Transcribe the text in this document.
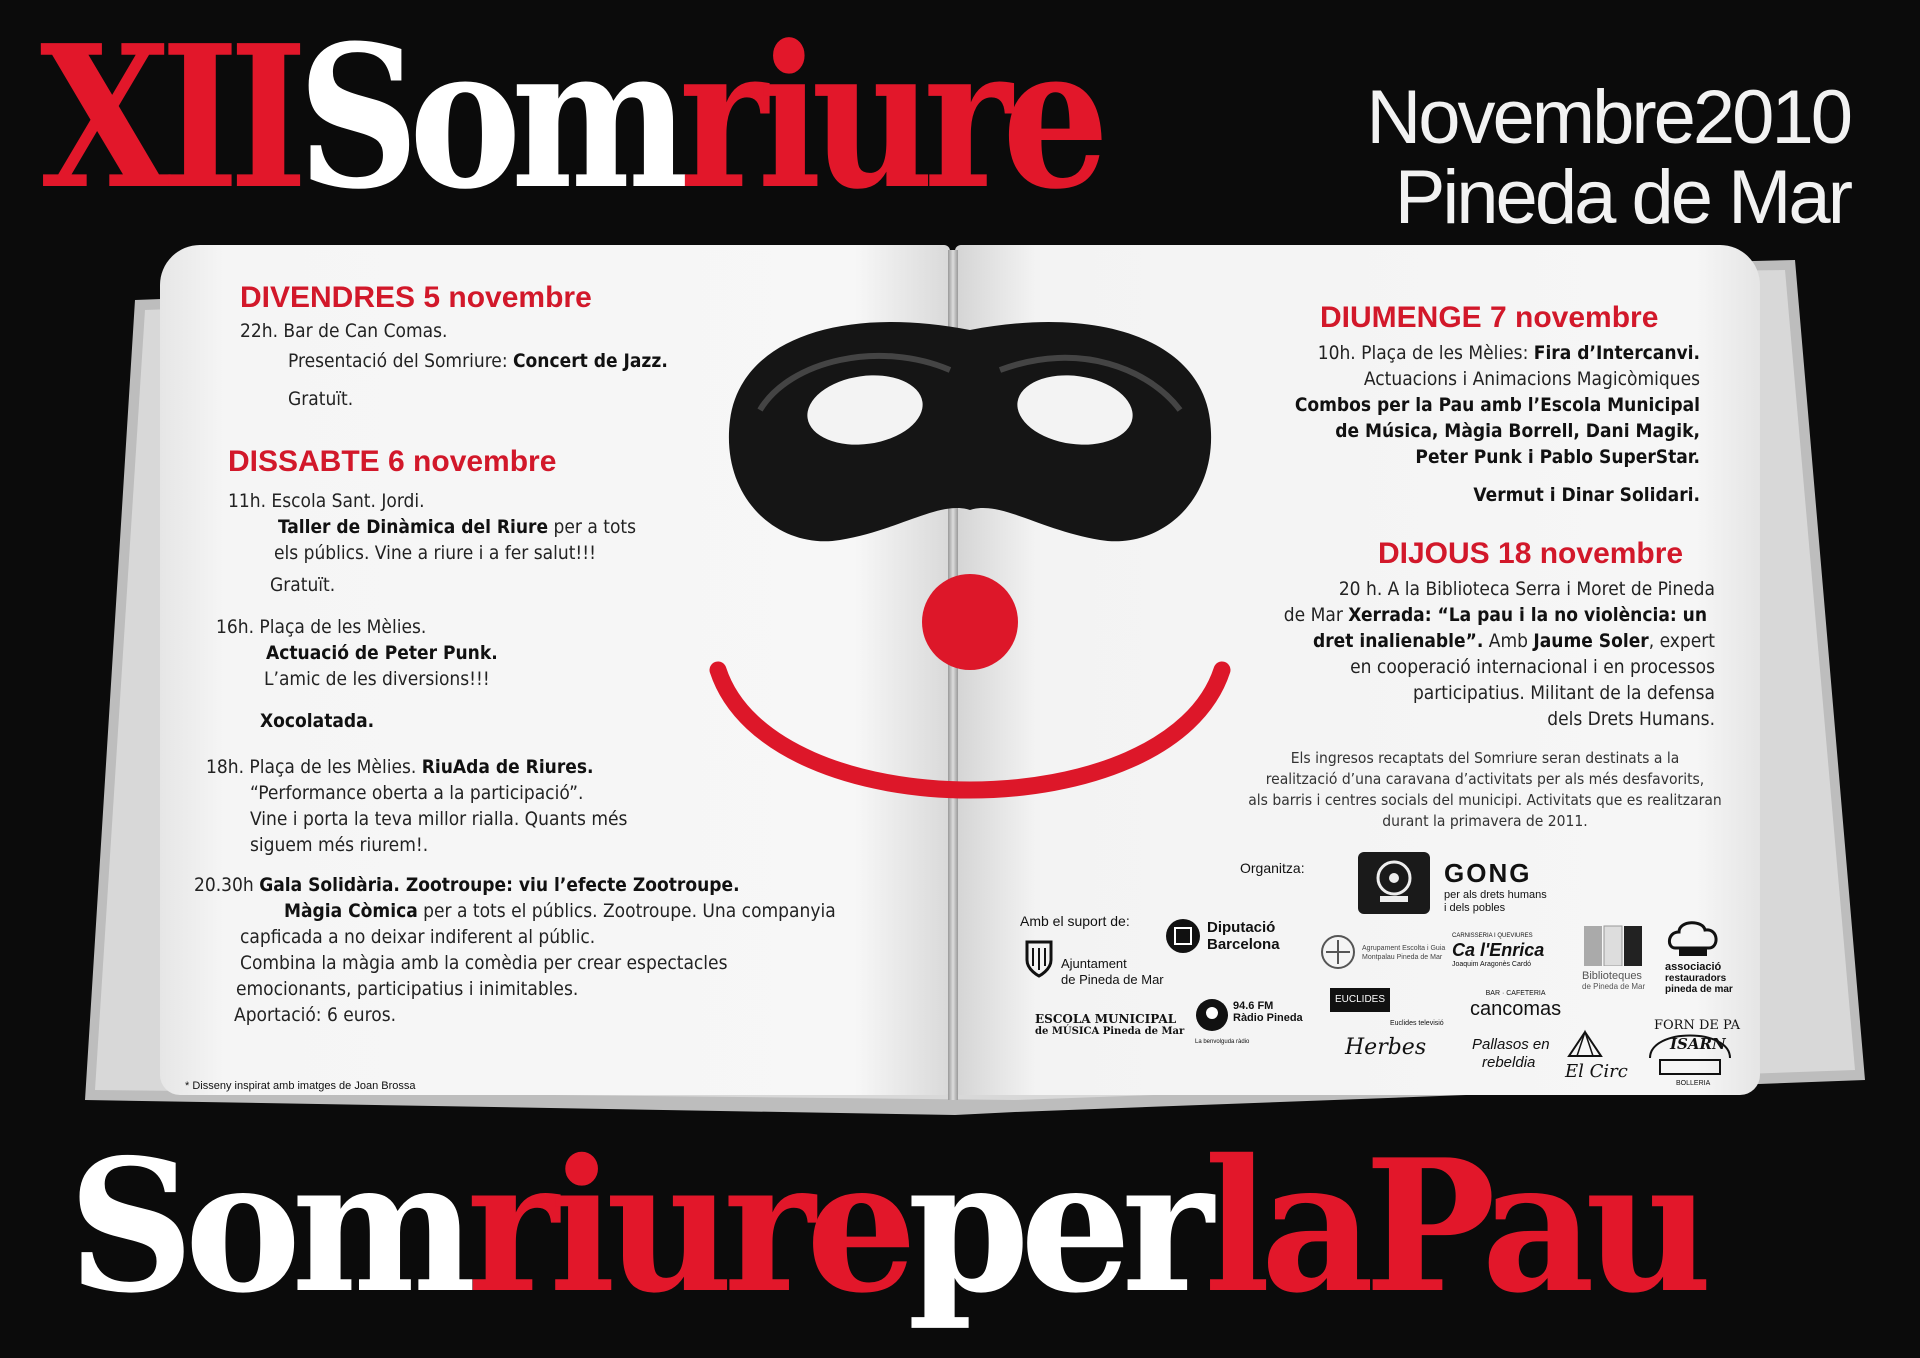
XIISomriure	Novembre2010
Pineda de Mar
DIVENDRES 5 novembre
22h. Bar de Can Comas.
Presentació del Somriure: Concert de Jazz.
Gratuït.
DISSABTE 6 novembre
11h. Escola Sant. Jordi.
Taller de Dinàmica del Riure per a tots
els públics. Vine a riure i a fer salut!!!
Gratuït.
16h. Plaça de les Mèlies.
Actuació de Peter Punk.
L’amic de les diversions!!!
Xocolatada.
18h. Plaça de les Mèlies. RiuAda de Riures.
“Performance oberta a la participació”.
Vine i porta la teva millor rialla. Quants més
siguem més riurem!.
20.30h Gala Solidària. Zootroupe: viu l’efecte Zootroupe.
Màgia Còmica per a tots el públics. Zootroupe. Una companyia
capficada a no deixar indiferent al públic.
Combina la màgia amb la comèdia per crear espectacles
emocionants, participatius i inimitables.
Aportació: 6 euros.
* Disseny inspirat amb imatges de Joan Brossa
DIUMENGE 7 novembre
10h. Plaça de les Mèlies: Fira d’Intercanvi.
Actuacions i Animacions Magicòmiques
Combos per la Pau amb l’Escola Municipal
de Música, Màgia Borrell, Dani Magik,
Peter Punk i Pablo SuperStar.
Vermut i Dinar Solidari.
DIJOUS 18 novembre
20 h. A la Biblioteca Serra i Moret de Pineda
de Mar Xerrada: “La pau i la no violència: un
dret inalienable”. Amb Jaume Soler, expert
en cooperació internacional i en processos
participatius. Militant de la defensa
dels Drets Humans.
Els ingresos recaptats del Somriure seran destinats a la
realització d’una caravana d’activitats per als més desfavorits,
als barris i centres socials del municipi. Activitats que es realitzaran
durant la primavera de 2011.
Organitza:	GONG
per als drets humans
i dels pobles
Amb el suport de:
Ajuntament
de Pineda de Mar
Diputació
Barcelona	Agrupament Escolta i Guia
Montpalau Pineda de Mar
CARNISSERIA I QUEVIURES
Ca l'Enrica
Joaquim Aragonès Cardó
Biblioteques
de Pineda de Mar
associació
restauradors
pineda de mar
ESCOLA MUNICIPAL
de MÚSICA Pineda de Mar
94.6 FM
Ràdio Pineda
La benvolguda ràdio
EUCLIDES
Euclides televisió
BAR · CAFETERIA
cancomas
FORN DE PA
ISARN
BOLLERIA
Herbes	Pallasos en
rebeldia	El Circ
SomriureperlaPau
